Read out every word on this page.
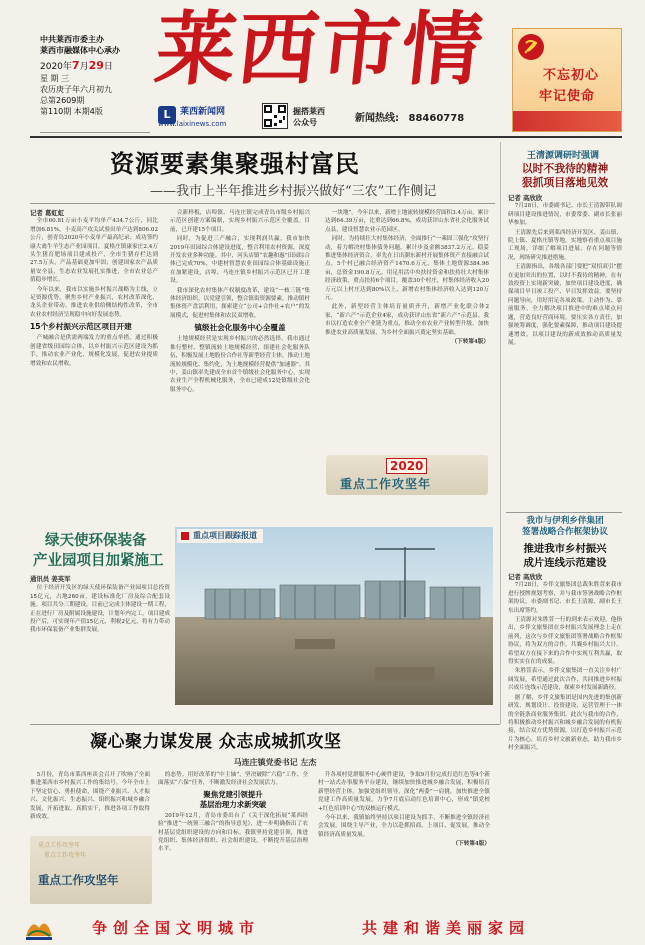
中共莱西市委主办
莱西市融媒体中心承办
2020年7月29日
星 期 三
农历庚子年六月初九
总第2609期
第110期 本期4版
莱西市情
L	莱西新闻网
www.laixinews.com
掘搭莱西
公众号	新闻热线: 88460778
不忘初心
牢记使命
资源要素集聚强村富民
——我市上半年推进乡村振兴做好“三农”工作侧记
记者 葛虹虹

全市60.81万亩小麦平均单产434.7公斤，同比增加6.81%，小麦高产攻关试验田单产达到806.02公斤，创青岛2020年小麦单产最高纪录；成功签约康大禽牛羊生态产业园项目，夏格庄镇康家庄2.4万头生猪育肥场项目建成投产，全市生猪存栏达到27.5万头，产品基础更加牢固；创建国家农产品质量安全县，生态农业发展扎实推进，全市农业总产值稳步增长。

今年以来，我市以实施乡村振兴战略为主线，立足资源优势，聚焦乡村产业振兴，农村改革深化、龙头企业带动、推进农业供给侧结构性改革，全市农业农村经济呈现稳中向好发展态势。

15个乡村振兴示范区项目开建

产城融合是供需两端发力的重点举措。通过积极创建省级田园综合体，以乡村振兴示范区建设为抓手，推动农业产业化、规模化发展，促进农业提质增效和农民增收。

合新样板，店埠镇、马连庄镇完成青岛市级乡村振兴示范区创建方案编制，实现乡村振兴示范区全覆盖。目前，已开建15个项目。

同时，为促进三产融合，实现利润共赢，我市加快2019年田园综合体建设进度，整合利用农村资源，深度开发农业多种功能。其中，河头店镇“农趣和惠”田园综合体已完成70%，中建材智慧农业田园综合体基础设施正在加紧建设，店埠、马连庄镇乡村振兴示范区已开工建设。

我市深化农村集体产权制度改革，建设“一核三链”集体经济组织，以党建引领，整合镇街资源要素，推动镇村集体资产盘活利用，探索建立“公司+合作社+农户”的发展模式，促进村集体和农民双增收。

镇级社会化服务中心全覆盖

土地规模经营是实现乡村振兴的必然选择。我市通过推行整村、整镇流转土地规模经营，组建社会化服务队伍，积极发展土地股份合作社等新型经营主体，推动土地流转规模化、集约化，为土地规模经营提供“加速器”。其中，姜山镇率先建成全市首个镇级社会化服务中心，实现农业生产全程机械化服务，全市已建成12处镇级社会化服务中心。

一块地”。今年以来，新增土地流转规模经营面积3.4万亩，累计达到64.39万亩，比重达到66.8%，成功获评山东省社会化服务试点县，建设智慧农业示范园区。

同时，为持续壮大村集体经济，全面推行“一乘固三强化”攻坚行动，着力解决村集体债务问题。累计步及金额3837.2万元。稳妥推进集体经济资合，率先在日出潮东新村开展集体资产直接融合试点，5个村已融合经济资产1470.6万元，集体土地资源384.96亩，总资金190.8万元。用足用活中央扶持资金和扶持壮大村集体经济政策，重点扶持6个项目，覆盖30个村庄，村集体经济收入20万元以上村庄达到80%以上，新增农村集体经济收入达到120万元。

此外，新型经营主体培育量质齐升，新增产业化联合体2家，“新六产”示范企业4家，成功获评山东省“新六产”示范县。我市以打造农业全产业链为重点，推动全市农业产业转型升级，加快推进农业高质量发展，为乡村全面振兴奠定坚实基础。

（下转第4版）
2020
重点工作攻坚年
绿天使环保装备
产业园项目加紧施工
通讯员 姜英军

位于经济开发区的绿天使环保装备产业园项目总投资15亿元，占地260亩，建设标准化厂房及综合配套设施。项目共分三期建设，目前已完成主体建设一期工程，正在进行厂房及附属设施建设，计划年内完工。项目建成投产后，可实现年产值15亿元，利税2亿元，将有力带动我市环保装备产业集群发展。

重点项目跟踪报道
王清源调研时强调
以时不我待的精神
狠抓项目落地见效
记者 高欣欣

7月28日，市委副书记、市长王清源带队调研项目建设推进情况，市委常委、副市长张丽华参加。

王清源先后来到莱西经济开发区、姜山镇、院上镇、夏格庄镇等地，实地察看重点项目施工现场，详细了解项目进展、存在问题等情况，现场研究推进措施。

王清源指出，各级各部门要把“双招双引”摆在更加突出的位置，以时不我待的精神，在有效投资上实现新突破，加快项目建设进度，确保项目早日竣工投产、早日发挥效益。要坚持问题导向，用好用足各项政策，主动作为、靠前服务，全力解决项目推进中的难点堵点问题，营造良好营商环境。要压实各方责任，加强统筹调度，强化要素保障，推动项目建设提速增效，以项目建设的新成效推动高质量发展。

我市与伊利乡伴集团
签署战略合作框架协议
推进我市乡村振兴
成片连线示范建设
记者 高欣欣

7月28日，乡伴文旅集团总裁朱胜萱来我市进行授牌规划考察，并与我市签署战略合作框架协议。市委副书记、市长王清源，副市长王东出席签约。

王清源对朱胜萱一行的到来表示欢迎。他指出，乡伴文旅集团在乡村振兴发展理念上走在前列，这次与乡伴文旅集团签署战略合作框架协议，将为双方的合作，共襄乡村振兴大计。希望双方在接下来的合作中实现互利共赢，取得实实在在的成果。

朱胜萱表示，乡伴文旅集团一直关注乡村广阔发展，希望通过此次合作，共同推进乡村振兴成片连线示范建设，探索乡村发展新路径。

据了解，乡伴文旅集团是国内先进的集创新研发、规划设计、投资建设、运营管理于一体的全链条商业服务集团。此次与我市的合作，将积极推动乡村振兴和城乡融合发展的有机衔接，结合双方优势资源，以打造乡村振兴示范片为核心，培育乡村文旅新业态，助力我市乡村全面振兴。

凝心聚力谋发展 众志成城抓攻坚
马连庄镇党委书记 左杰

5月份，青岛市莱西座谈会召开了吹响了全面推进莱西市乡村振兴工作的集结号。今年全市上下坚定信心、勇担使命，围绕产业振兴、人才振兴、文化振兴、生态振兴、组织振兴和城乡融合发展，开拓进取、真抓实干，推进各项工作取得新成效。

的态势。用好改革的“中主轴”，坚决破除“六稳”工作、全面落实“六保”任务，不断激发经济社会发展活力。

聚焦党建引领提升
基层治理力求新突破

2019年12月，青岛市委出台了《关于深化拓展“莱西经验”推进“一统领三融合”的指导意见》，进一步明确指出了农村基层党组织建设的方向和目标。我镇坚持党建引领，推进党组织、集体经济组织、社会组织建设，不断提升基层治理水平。

升各项村党群服务中心硬件建设，争取9月份完成打造红色等4个新村一站式办事服务平台建设，继续加快推进城乡融合发展，积极培育新型经营主体。加强党组织领导，深化“两委”一肩挑，加快推进全镇党建工作高质量发展，力争7月底启动红色培训中心，形成“镇党校+红色培训中心”的双核运行模式。

今年以来，我镇始终坚持以项目建设为抓手，不断推进全镇经济社会发展。围绕主导产业，全力以赴抓招商、上项目、促发展，推动全镇经济高质量发展。

（下转第4版）
重点工作攻坚年
重点工作攻坚年
重点工作攻坚年
争创全国文明城市	共建和谐美丽家园
